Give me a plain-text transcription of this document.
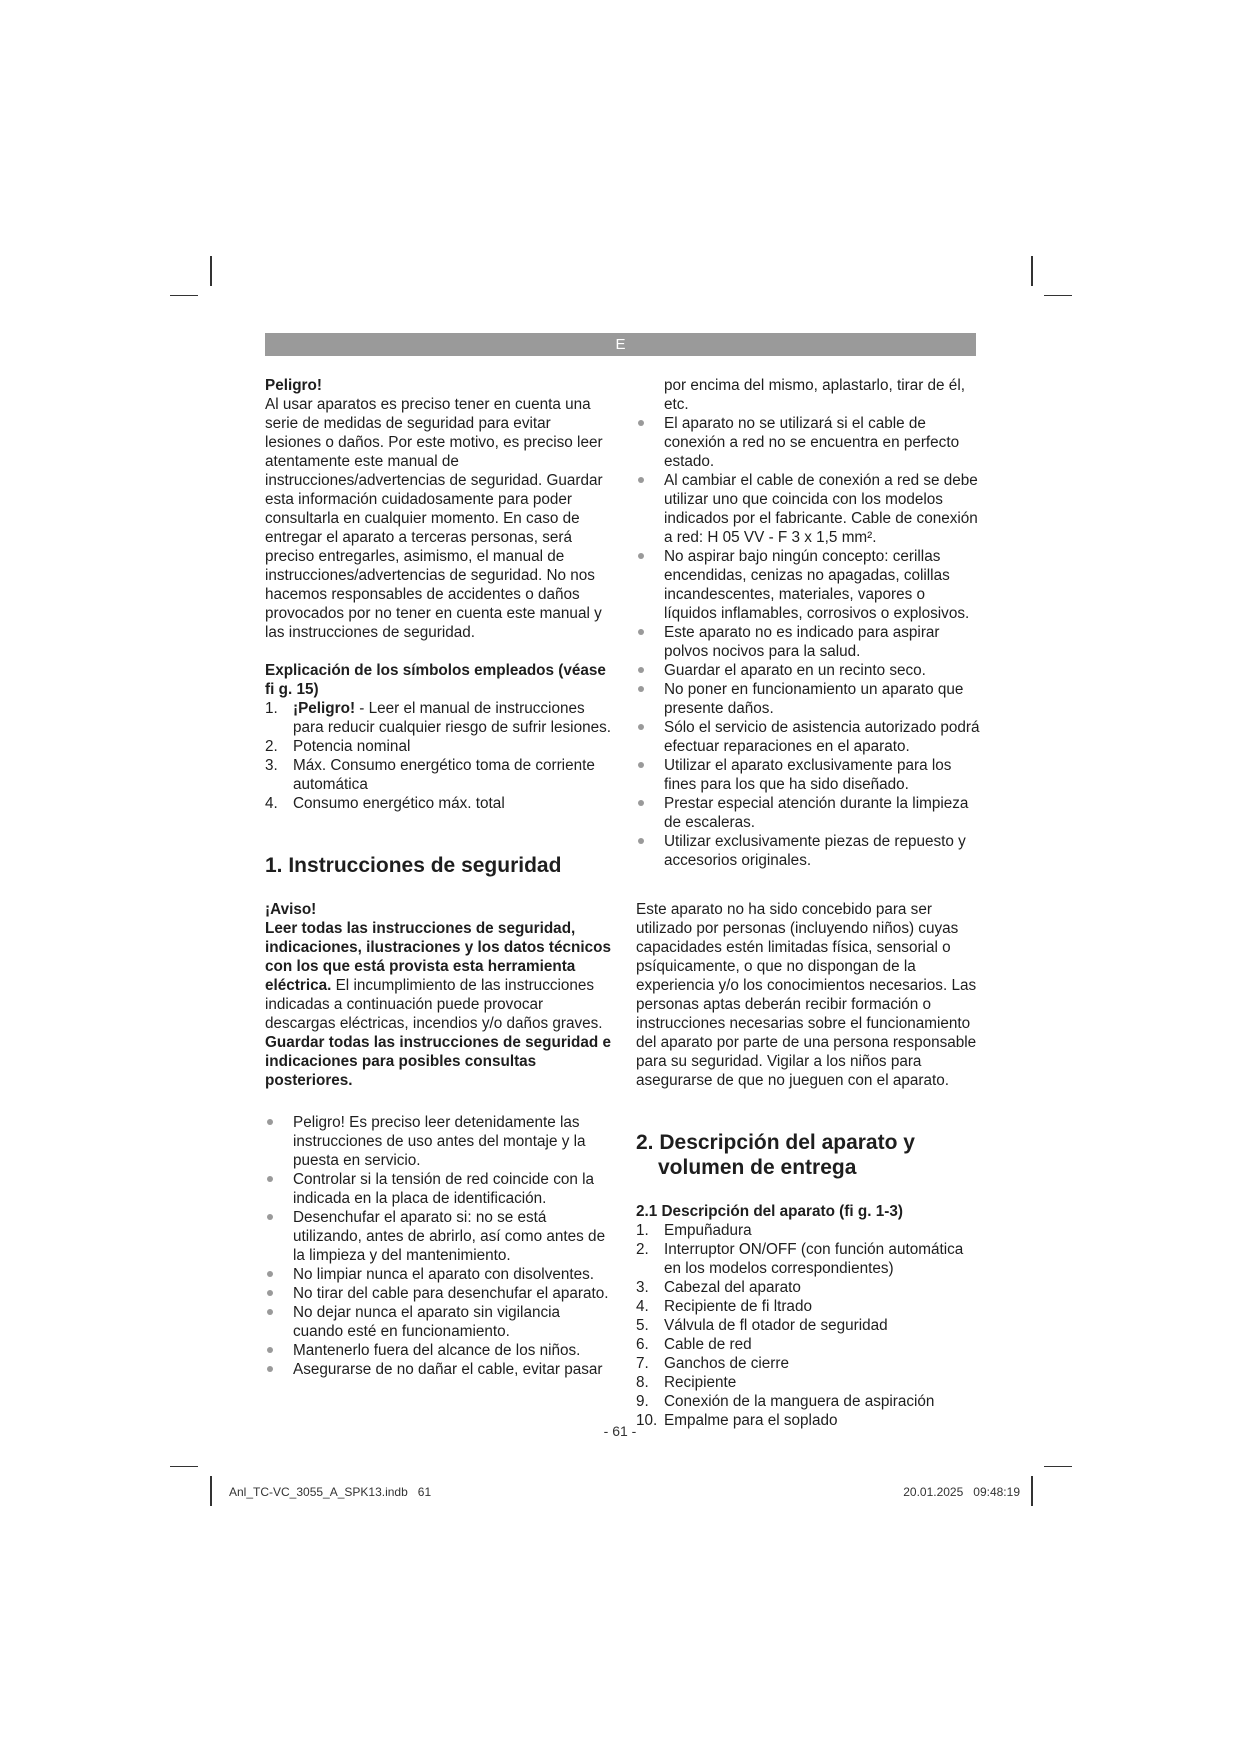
E

Peligro!

Al usar aparatos es preciso tener en cuenta una serie de medidas de seguridad para evitar lesiones o daños. Por este motivo, es preciso leer atentamente este manual de instrucciones/advertencias de seguridad. Guardar esta información cuidadosamente para poder consultarla en cualquier momento. En caso de entregar el aparato a terceras personas, será preciso entregarles, asimismo, el manual de instrucciones/advertencias de seguridad. No nos hacemos responsables de accidentes o daños provocados por no tener en cuenta este manual y las instrucciones de seguridad.

Explicación de los símbolos empleados (véase fi g. 15)

1. ¡Peligro! - Leer el manual de instrucciones para reducir cualquier riesgo de sufrir lesiones.
2. Potencia nominal
3. Máx. Consumo energético toma de corriente automática
4. Consumo energético máx. total

1. Instrucciones de seguridad

¡Aviso!

Leer todas las instrucciones de seguridad, indicaciones, ilustraciones y los datos técnicos con los que está provista esta herramienta eléctrica. El incumplimiento de las instrucciones indicadas a continuación puede provocar descargas eléctricas, incendios y/o daños graves. Guardar todas las instrucciones de seguridad e indicaciones para posibles consultas posteriores.

Peligro! Es preciso leer detenidamente las instrucciones de uso antes del montaje y la puesta en servicio.
Controlar si la tensión de red coincide con la indicada en la placa de identificación.
Desenchufar el aparato si: no se está utilizando, antes de abrirlo, así como antes de la limpieza y del mantenimiento.
No limpiar nunca el aparato con disolventes.
No tirar del cable para desenchufar el aparato.
No dejar nunca el aparato sin vigilancia cuando esté en funcionamiento.
Mantenerlo fuera del alcance de los niños.
Asegurarse de no dañar el cable, evitar pasar

por encima del mismo, aplastarlo, tirar de él, etc.

El aparato no se utilizará si el cable de conexión a red no se encuentra en perfecto estado.
Al cambiar el cable de conexión a red se debe utilizar uno que coincida con los modelos indicados por el fabricante. Cable de conexión a red: H 05 VV - F 3 x 1,5 mm².
No aspirar bajo ningún concepto: cerillas encendidas, cenizas no apagadas, colillas incandescentes, materiales, vapores o líquidos inflamables, corrosivos o explosivos.
Este aparato no es indicado para aspirar polvos nocivos para la salud.
Guardar el aparato en un recinto seco.
No poner en funcionamiento un aparato que presente daños.
Sólo el servicio de asistencia autorizado podrá efectuar reparaciones en el aparato.
Utilizar el aparato exclusivamente para los fines para los que ha sido diseñado.
Prestar especial atención durante la limpieza de escaleras.
Utilizar exclusivamente piezas de repuesto y accesorios originales.

Este aparato no ha sido concebido para ser utilizado por personas (incluyendo niños) cuyas capacidades estén limitadas física, sensorial o psíquicamente, o que no dispongan de la experiencia y/o los conocimientos necesarios. Las personas aptas deberán recibir formación o instrucciones necesarias sobre el funcionamiento del aparato por parte de una persona responsable para su seguridad. Vigilar a los niños para asegurarse de que no jueguen con el aparato.

2. Descripción del aparato y

volumen de entrega

2.1 Descripción del aparato (fi g. 1-3)

1. Empuñadura
2. Interruptor ON/OFF (con función automática en los modelos correspondientes)
3. Cabezal del aparato
4. Recipiente de fi ltrado
5. Válvula de fl otador de seguridad
6. Cable de red
7. Ganchos de cierre
8. Recipiente
9. Conexión de la manguera de aspiración
10. Empalme para el soplado
- 61 -
Anl_TC-VC_3055_A_SPK13.indb   61	20.01.2025   09:48:19
